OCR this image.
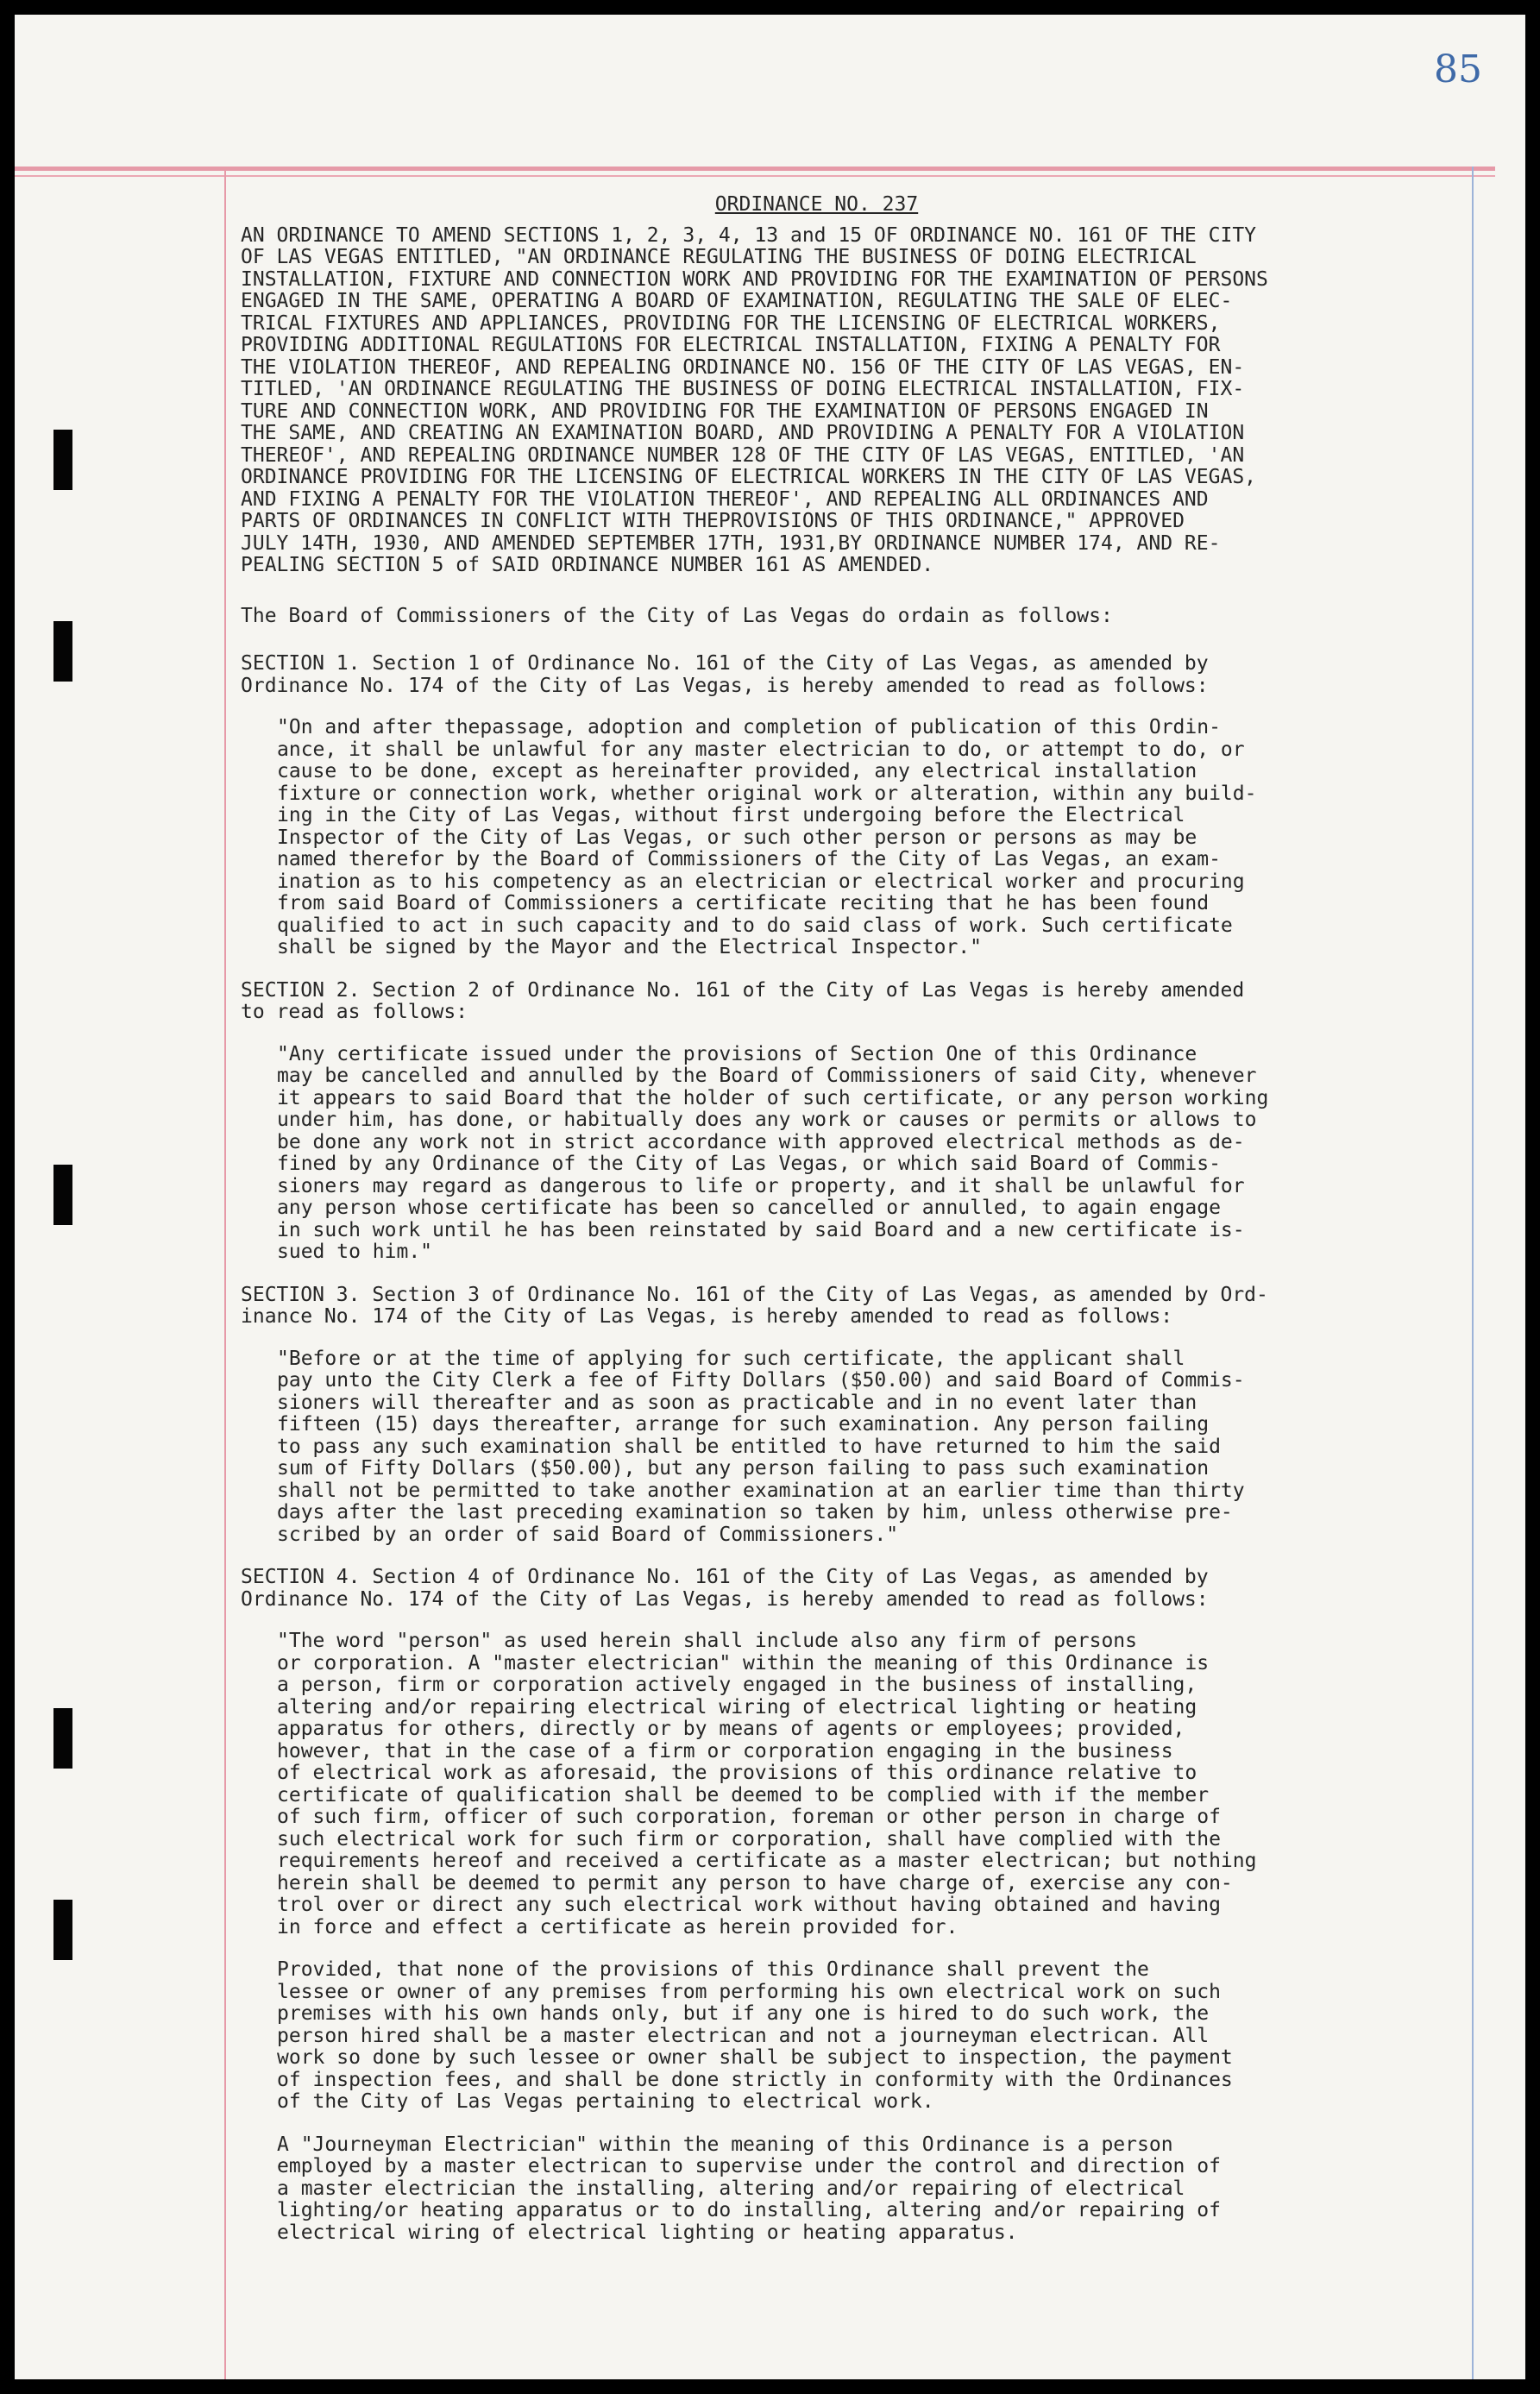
85

ORDINANCE NO. 237

AN ORDINANCE TO AMEND SECTIONS 1, 2, 3, 4, 13 and 15 OF ORDINANCE NO. 161 OF THE CITY
OF LAS VEGAS ENTITLED, "AN ORDINANCE REGULATING THE BUSINESS OF DOING ELECTRICAL
INSTALLATION, FIXTURE AND CONNECTION WORK AND PROVIDING FOR THE EXAMINATION OF PERSONS
ENGAGED IN THE SAME, OPERATING A BOARD OF EXAMINATION, REGULATING THE SALE OF ELEC-
TRICAL FIXTURES AND APPLIANCES, PROVIDING FOR THE LICENSING OF ELECTRICAL WORKERS,
PROVIDING ADDITIONAL REGULATIONS FOR ELECTRICAL INSTALLATION, FIXING A PENALTY FOR
THE VIOLATION THEREOF, AND REPEALING ORDINANCE NO. 156 OF THE CITY OF LAS VEGAS, EN-
TITLED, 'AN ORDINANCE REGULATING THE BUSINESS OF DOING ELECTRICAL INSTALLATION, FIX-
TURE AND CONNECTION WORK, AND PROVIDING FOR THE EXAMINATION OF PERSONS ENGAGED IN
THE SAME, AND CREATING AN EXAMINATION BOARD, AND PROVIDING A PENALTY FOR A VIOLATION
THEREOF', AND REPEALING ORDINANCE NUMBER 128 OF THE CITY OF LAS VEGAS, ENTITLED, 'AN
ORDINANCE PROVIDING FOR THE LICENSING OF ELECTRICAL WORKERS IN THE CITY OF LAS VEGAS,
AND FIXING A PENALTY FOR THE VIOLATION THEREOF', AND REPEALING ALL ORDINANCES AND
PARTS OF ORDINANCES IN CONFLICT WITH THEPROVISIONS OF THIS ORDINANCE," APPROVED
JULY 14TH, 1930, AND AMENDED SEPTEMBER 17TH, 1931,BY ORDINANCE NUMBER 174, AND RE-
PEALING SECTION 5 of SAID ORDINANCE NUMBER 161 AS AMENDED.

The Board of Commissioners of the City of Las Vegas do ordain as follows:

SECTION 1. Section 1 of Ordinance No. 161 of the City of Las Vegas, as amended by
Ordinance No. 174 of the City of Las Vegas, is hereby amended to read as follows:

"On and after thepassage, adoption and completion of publication of this Ordin-
ance, it shall be unlawful for any master electrician to do, or attempt to do, or
cause to be done, except as hereinafter provided, any electrical installation
fixture or connection work, whether original work or alteration, within any build-
ing in the City of Las Vegas, without first undergoing before the Electrical
Inspector of the City of Las Vegas, or such other person or persons as may be
named therefor by the Board of Commissioners of the City of Las Vegas, an exam-
ination as to his competency as an electrician or electrical worker and procuring
from said Board of Commissioners a certificate reciting that he has been found
qualified to act in such capacity and to do said class of work. Such certificate
shall be signed by the Mayor and the Electrical Inspector."

SECTION 2. Section 2 of Ordinance No. 161 of the City of Las Vegas is hereby amended
to read as follows:

"Any certificate issued under the provisions of Section One of this Ordinance
may be cancelled and annulled by the Board of Commissioners of said City, whenever
it appears to said Board that the holder of such certificate, or any person working
under him, has done, or habitually does any work or causes or permits or allows to
be done any work not in strict accordance with approved electrical methods as de-
fined by any Ordinance of the City of Las Vegas, or which said Board of Commis-
sioners may regard as dangerous to life or property, and it shall be unlawful for
any person whose certificate has been so cancelled or annulled, to again engage
in such work until he has been reinstated by said Board and a new certificate is-
sued to him."

SECTION 3. Section 3 of Ordinance No. 161 of the City of Las Vegas, as amended by Ord-
inance No. 174 of the City of Las Vegas, is hereby amended to read as follows:

"Before or at the time of applying for such certificate, the applicant shall
pay unto the City Clerk a fee of Fifty Dollars ($50.00) and said Board of Commis-
sioners will thereafter and as soon as practicable and in no event later than
fifteen (15) days thereafter, arrange for such examination. Any person failing
to pass any such examination shall be entitled to have returned to him the said
sum of Fifty Dollars ($50.00), but any person failing to pass such examination
shall not be permitted to take another examination at an earlier time than thirty
days after the last preceding examination so taken by him, unless otherwise pre-
scribed by an order of said Board of Commissioners."

SECTION 4. Section 4 of Ordinance No. 161 of the City of Las Vegas, as amended by
Ordinance No. 174 of the City of Las Vegas, is hereby amended to read as follows:

"The word "person" as used herein shall include also any firm of persons
or corporation. A "master electrician" within the meaning of this Ordinance is
a person, firm or corporation actively engaged in the business of installing,
altering and/or repairing electrical wiring of electrical lighting or heating
apparatus for others, directly or by means of agents or employees; provided,
however, that in the case of a firm or corporation engaging in the business
of electrical work as aforesaid, the provisions of this ordinance relative to
certificate of qualification shall be deemed to be complied with if the member
of such firm, officer of such corporation, foreman or other person in charge of
such electrical work for such firm or corporation, shall have complied with the
requirements hereof and received a certificate as a master electrican; but nothing
herein shall be deemed to permit any person to have charge of, exercise any con-
trol over or direct any such electrical work without having obtained and having
in force and effect a certificate as herein provided for.

Provided, that none of the provisions of this Ordinance shall prevent the
lessee or owner of any premises from performing his own electrical work on such
premises with his own hands only, but if any one is hired to do such work, the
person hired shall be a master electrican and not a journeyman electrican. All
work so done by such lessee or owner shall be subject to inspection, the payment
of inspection fees, and shall be done strictly in conformity with the Ordinances
of the City of Las Vegas pertaining to electrical work.

A "Journeyman Electrician" within the meaning of this Ordinance is a person
employed by a master electrican to supervise under the control and direction of
a master electrician the installing, altering and/or repairing of electrical
lighting/or heating apparatus or to do installing, altering and/or repairing of
electrical wiring of electrical lighting or heating apparatus.
